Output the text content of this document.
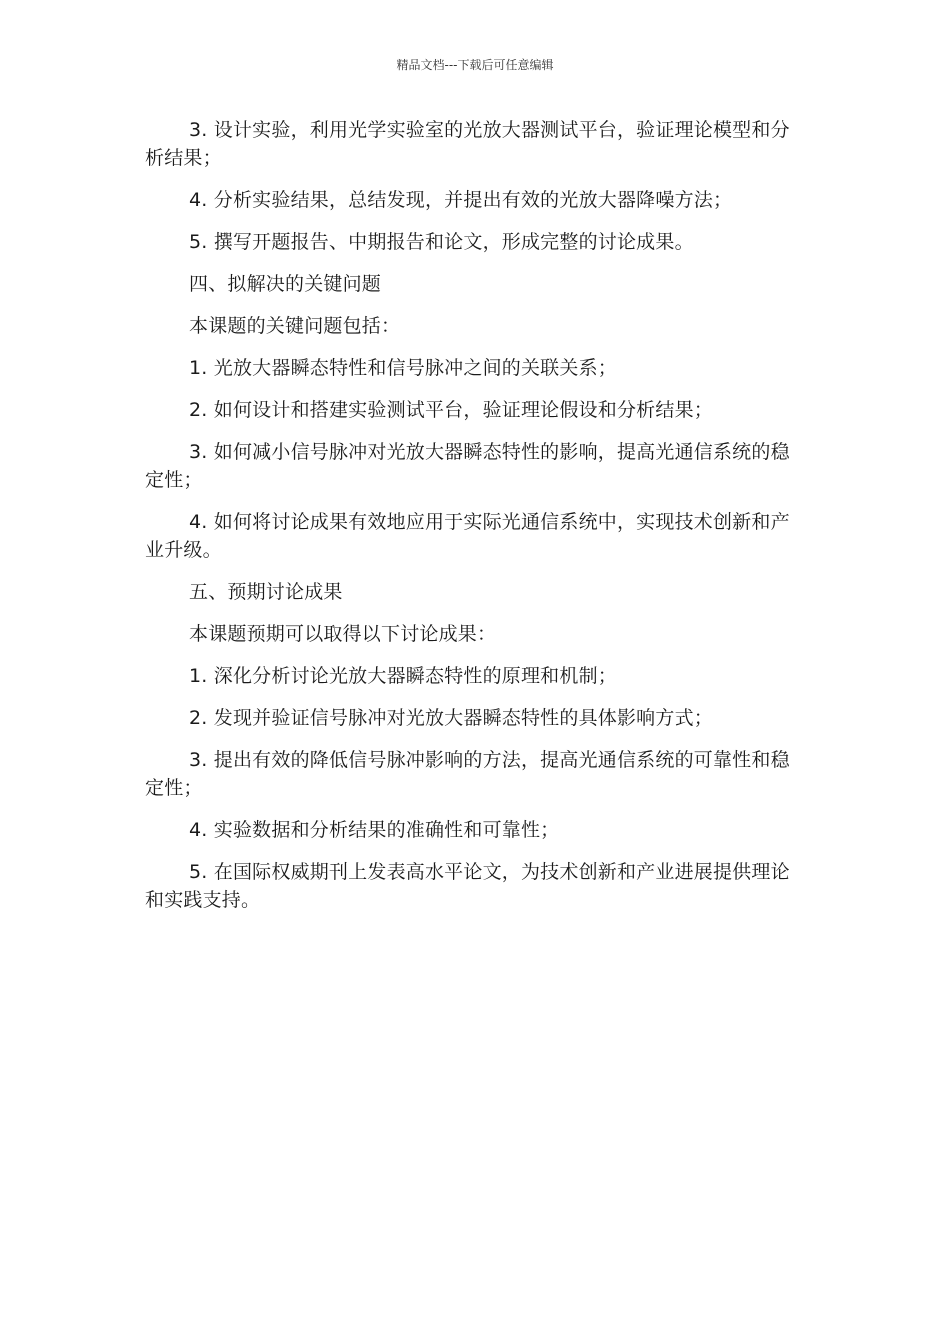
精品文档---下载后可任意编辑

3. 设计实验，利用光学实验室的光放大器测试平台，验证理论模型和分析结果；

4. 分析实验结果，总结发现，并提出有效的光放大器降噪方法；

5. 撰写开题报告、中期报告和论文，形成完整的讨论成果。

四、拟解决的关键问题

本课题的关键问题包括：

1. 光放大器瞬态特性和信号脉冲之间的关联关系；

2. 如何设计和搭建实验测试平台，验证理论假设和分析结果；

3. 如何减小信号脉冲对光放大器瞬态特性的影响，提高光通信系统的稳定性；

4. 如何将讨论成果有效地应用于实际光通信系统中，实现技术创新和产业升级。

五、预期讨论成果

本课题预期可以取得以下讨论成果：

1. 深化分析讨论光放大器瞬态特性的原理和机制；

2. 发现并验证信号脉冲对光放大器瞬态特性的具体影响方式；

3. 提出有效的降低信号脉冲影响的方法，提高光通信系统的可靠性和稳定性；

4. 实验数据和分析结果的准确性和可靠性；

5. 在国际权威期刊上发表高水平论文，为技术创新和产业进展提供理论和实践支持。
